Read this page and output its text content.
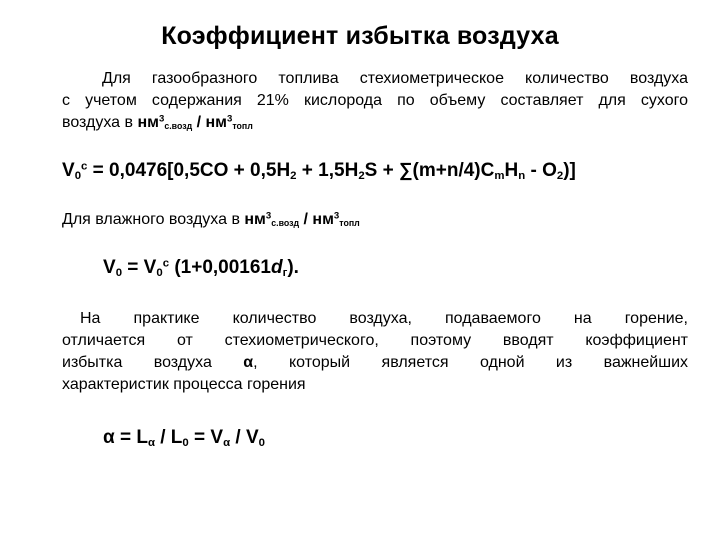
Коэффициент избытка воздуха
Для газообразного топлива стехиометрическое количество воздуха
с учетом содержания 21% кислорода по объему составляет для сухого
воздуха в $нм^3_{с.возд} / нм^3_{топл}$
$V_0^с = 0,0476[0,5CO + 0,5H_2 + 1,5H_2S + \sum(m+n/4)C_mH_n - O_2)$]
Для влажного воздуха в $нм^3_{с.возд} / нм^3_{топл}$
$V_0 = V_0^с$ $(1+0,00161d_г)$.
На практике количество воздуха, подаваемого на горение,
отличается от стехиометрического, поэтому вводят коэффициент
избытка воздуха α, который является одной из важнейших
характеристик процесса горения
$\alpha = L_\alpha / L_0 = V_\alpha / V_0$
